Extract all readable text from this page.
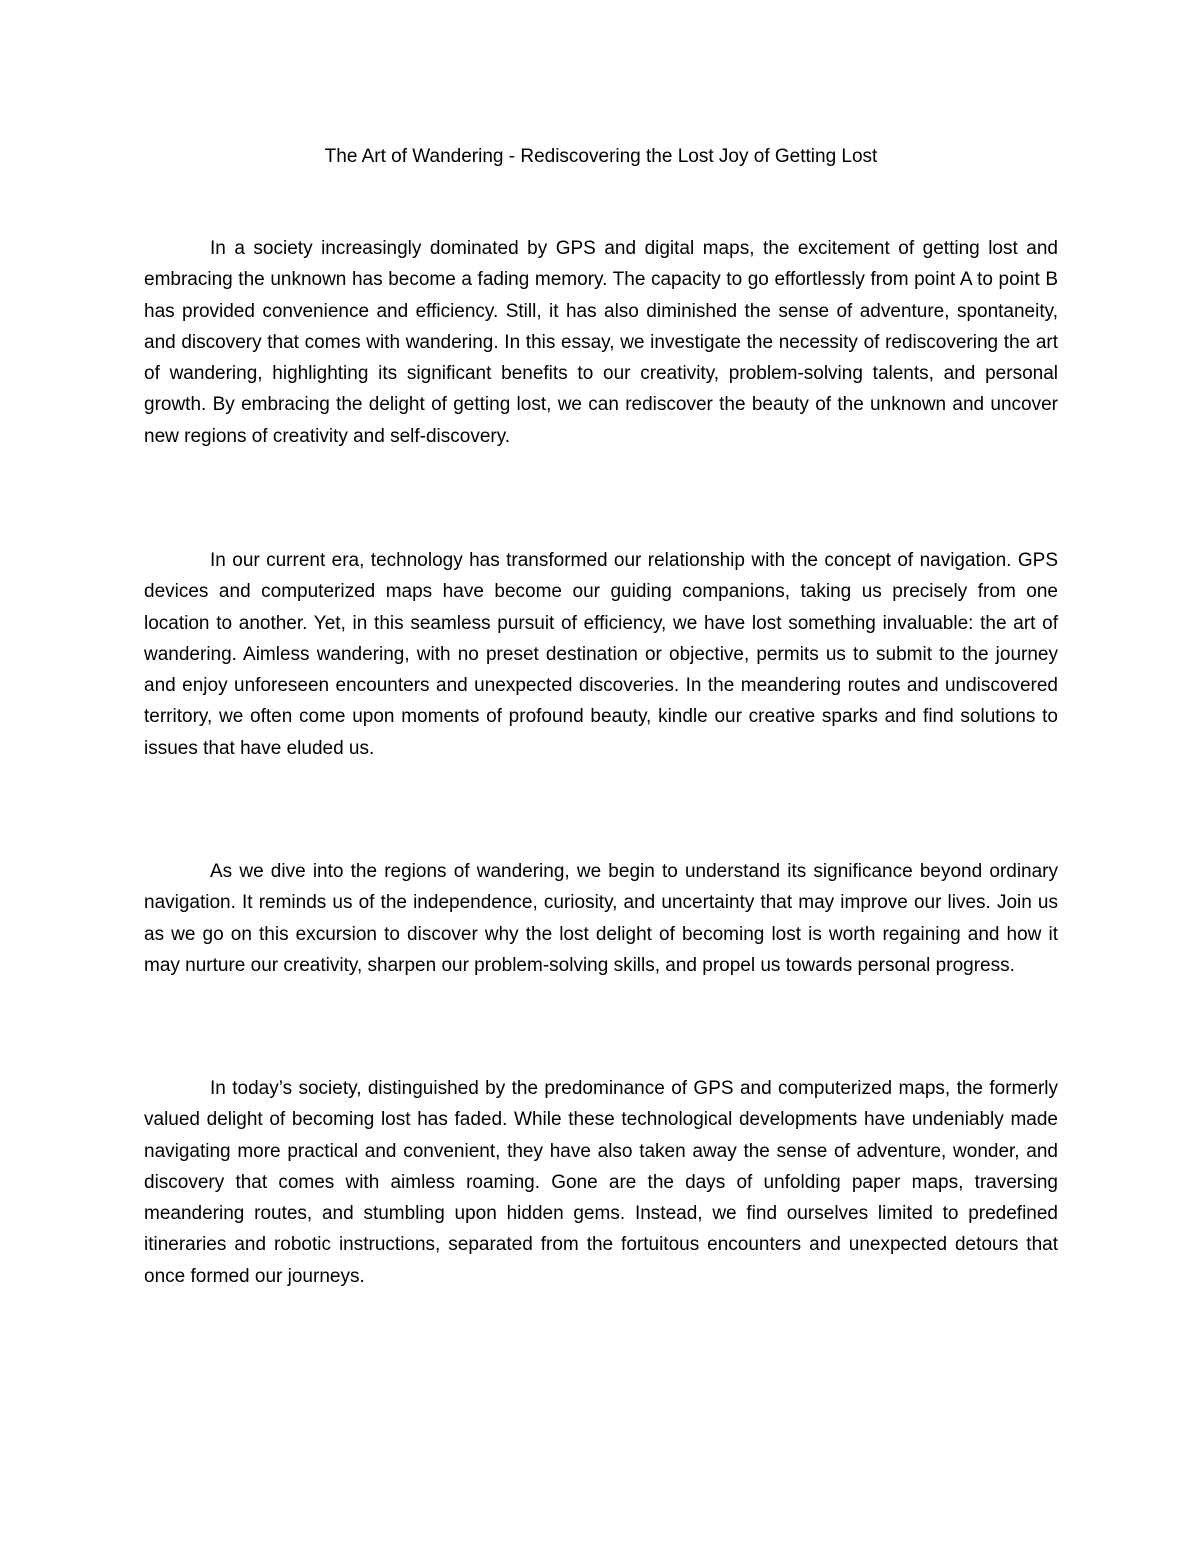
The Art of Wandering - Rediscovering the Lost Joy of Getting Lost

In a society increasingly dominated by GPS and digital maps, the excitement of getting lost and embracing the unknown has become a fading memory. The capacity to go effortlessly from point A to point B has provided convenience and efficiency. Still, it has also diminished the sense of adventure, spontaneity, and discovery that comes with wandering. In this essay, we investigate the necessity of rediscovering the art of wandering, highlighting its significant benefits to our creativity, problem-solving talents, and personal growth. By embracing the delight of getting lost, we can rediscover the beauty of the unknown and uncover new regions of creativity and self-discovery.

In our current era, technology has transformed our relationship with the concept of navigation. GPS devices and computerized maps have become our guiding companions, taking us precisely from one location to another. Yet, in this seamless pursuit of efficiency, we have lost something invaluable: the art of wandering. Aimless wandering, with no preset destination or objective, permits us to submit to the journey and enjoy unforeseen encounters and unexpected discoveries. In the meandering routes and undiscovered territory, we often come upon moments of profound beauty, kindle our creative sparks and find solutions to issues that have eluded us.

As we dive into the regions of wandering, we begin to understand its significance beyond ordinary navigation. It reminds us of the independence, curiosity, and uncertainty that may improve our lives. Join us as we go on this excursion to discover why the lost delight of becoming lost is worth regaining and how it may nurture our creativity, sharpen our problem-solving skills, and propel us towards personal progress.

In today’s society, distinguished by the predominance of GPS and computerized maps, the formerly valued delight of becoming lost has faded. While these technological developments have undeniably made navigating more practical and convenient, they have also taken away the sense of adventure, wonder, and discovery that comes with aimless roaming. Gone are the days of unfolding paper maps, traversing meandering routes, and stumbling upon hidden gems. Instead, we find ourselves limited to predefined itineraries and robotic instructions, separated from the fortuitous encounters and unexpected detours that once formed our journeys.
